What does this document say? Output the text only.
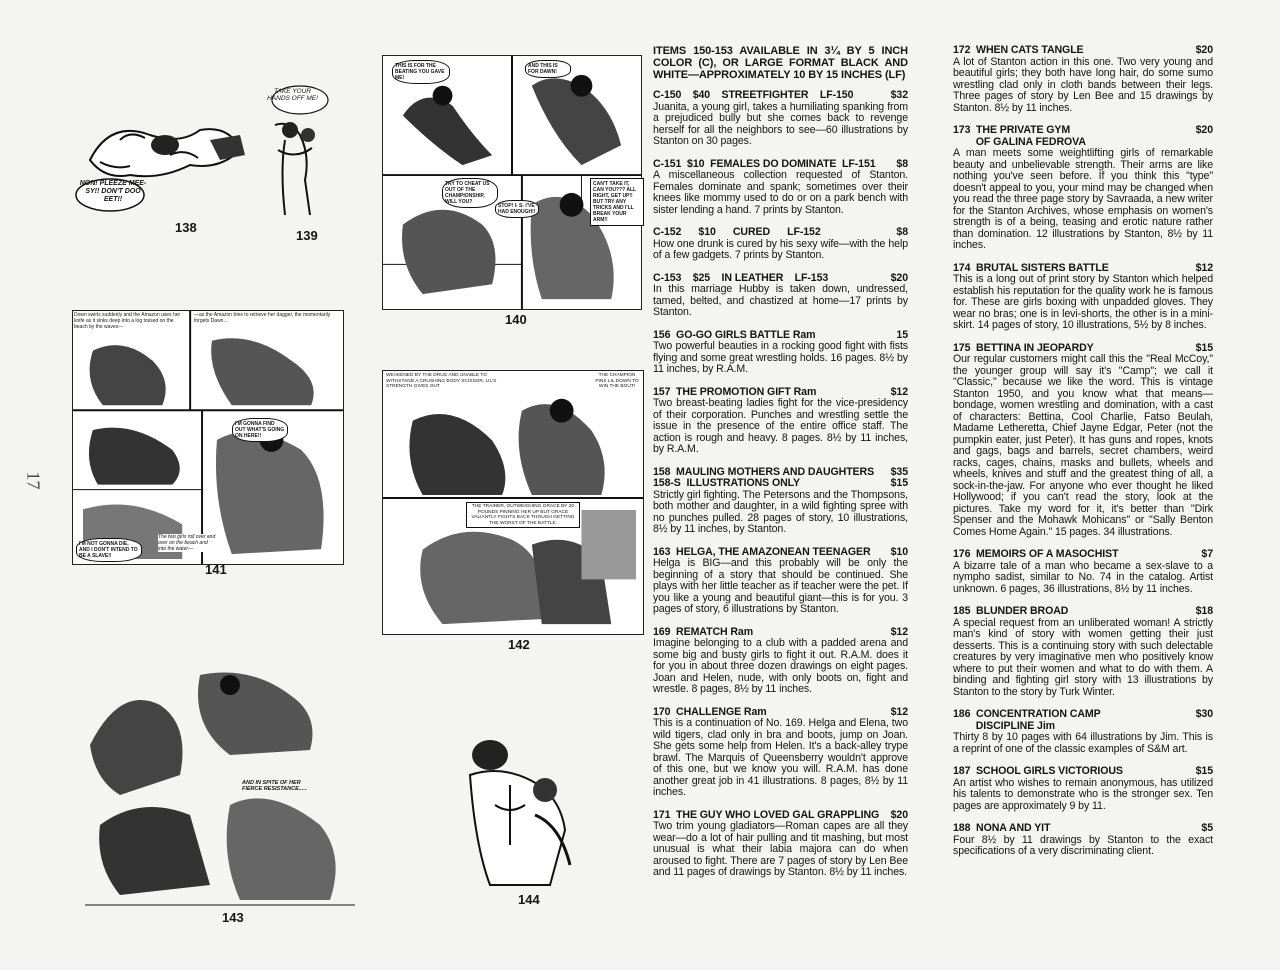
17
NON! PLEEZE MEE-SY!! DON'T DOO EET!!
138
TAKE YOUR HANDS OFF ME!
139
THIS IS FOR THE BEATING YOU GAVE ME!
AND THIS IS FOR DAWN!
TRY TO CHEAT US OUT OF THE CHAMPIONSHIP, WILL YOU?
STOP! I- S- I'VE HAD ENOUGH!!
CAN'T TAKE IT, CAN YOU??? ALL RIGHT, GET UP!! BUT TRY ANY TRICKS AND I'LL BREAK YOUR ARM!!
140
Down swirls suddenly and the Amazon uses her knife as it sinks deep into a log tossed on the beach by the waves—
—as the Amazon tries to retrieve her dagger, the momentarily forgets Dawn…
I'M GONNA FIND OUT WHAT'S GOING ON HERE!!
I'M NOT GONNA DIE, AND I DON'T INTEND TO BE A SLAVE!!
The two girls roll over and over on the beach and into the water—
141
WEAKENED BY THE DRUG AND UNABLE TO WITHSTAND A CRUSHING BODY SCISSOR, LIL'S STRENGTH GIVES OUT
THE CHAMPION PINS LIL DOWN TO WIN THE BOUT!
THE TRAINER, OUTWEIGHING GRACE BY 20 POUNDS PINNING HER UP BUT GRACE VALIANTLY FIGHTS BACK THOUGH GETTING THE WORST OF THE BATTLE.
142
AND IN SPITE OF HER FIERCE RESISTANCE.....
143
144
ITEMS 150-153 AVAILABLE IN 3¼ BY 5 INCH COLOR (C), OR LARGE FORMAT BLACK AND WHITE—APPROXIMATELY 10 BY 15 INCHES (LF)
C-150    $40    STREETFIGHTER    LF-150	$32
Juanita, a young girl, takes a humiliating spanking from a prejudiced bully but she comes back to revenge herself for all the neighbors to see—60 illustrations by Stanton on 30 pages.
C-151  $10  FEMALES DO DOMINATE  LF-151 $8
A miscellaneous collection requested of Stanton. Females dominate and spank; sometimes over their knees like mommy used to do or on a park bench with sister lending a hand. 7 prints by Stanton.
C-152      $10      CURED      LF-152	$8
How one drunk is cured by his sexy wife—with the help of a few gadgets. 7 prints by Stanton.
C-153    $25    IN LEATHER    LF-153	$20
In this marriage Hubby is taken down, undressed, tamed, belted, and chastized at home—17 prints by Stanton.
156  GO-GO GIRLS BATTLE Ram	15
Two powerful beauties in a rocking good fight with fists flying and some great wrestling holds. 16 pages. 8½ by 11 inches, by R.A.M.
157  THE PROMOTION GIFT Ram	$12
Two breast-beating ladies fight for the vice-presidency of their corporation. Punches and wrestling settle the issue in the presence of the entire office staff. The action is rough and heavy. 8 pages. 8½ by 11 inches, by R.A.M.
158  MAULING MOTHERS AND DAUGHTERS $35
158-S  ILLUSTRATIONS ONLY	$15
Strictly girl fighting. The Petersons and the Thompsons, both mother and daughter, in a wild fighting spree with no punches pulled. 28 pages of story, 10 illustrations, 8½ by 11 inches, by Stanton.
163  HELGA, THE AMAZONEAN TEENAGER $10
Helga is BIG—and this probably will be only the beginning of a story that should be continued. She plays with her little teacher as if teacher were the pet. If you like a young and beautiful giant—this is for you. 3 pages of story, 6 illustrations by Stanton.
169  REMATCH Ram	$12
Imagine belonging to a club with a padded arena and some big and busty girls to fight it out. R.A.M. does it for you in about three dozen drawings on eight pages. Joan and Helen, nude, with only boots on, fight and wrestle. 8 pages, 8½ by 11 inches.
170  CHALLENGE Ram	$12
This is a continuation of No. 169. Helga and Elena, two wild tigers, clad only in bra and boots, jump on Joan. She gets some help from Helen. It's a back-alley trype brawl. The Marquis of Queensberry wouldn't approve of this one, but we know you will. R.A.M. has done another great job in 41 illustrations. 8 pages, 8½ by 11 inches.
171  THE GUY WHO LOVED GAL GRAPPLING $20
Two trim young gladiators—Roman capes are all they wear—do a lot of hair pulling and tit mashing, but most unusual is what their labia majora can do when aroused to fight. There are 7 pages of story by Len Bee and 11 pages of drawings by Stanton. 8½ by 11 inches.
172  WHEN CATS TANGLE	$20
A lot of Stanton action in this one. Two very young and beautiful girls; they both have long hair, do some sumo wrestling clad only in cloth bands between their legs. Three pages of story by Len Bee and 15 drawings by Stanton. 8½ by 11 inches.
173  THE PRIVATE GYM
OF GALINA FEDROVA
$20
A man meets some weightlifting girls of remarkable beauty and unbelievable strength. Their arms are like nothing you've seen before. If you think this "type" doesn't appeal to you, your mind may be changed when you read the three page story by Savraada, a new writer for the Stanton Archives, whose emphasis on women's strength is of a being, teasing and erotic nature rather than domination. 12 illustrations by Stanton, 8½ by 11 inches.
174  BRUTAL SISTERS BATTLE	$12
This is a long out of print story by Stanton which helped establish his reputation for the quality work he is famous for. These are girls boxing with unpadded gloves. They wear no bras; one is in levi-shorts, the other is in a mini-skirt. 14 pages of story, 10 illustrations, 5½ by 8 inches.
175  BETTINA IN JEOPARDY	$15
Our regular customers might call this the "Real McCoy," the younger group will say it's "Camp"; we call it "Classic," because we like the word. This is vintage Stanton 1950, and you know what that means—bondage, women wrestling and domination, with a cast of characters: Bettina, Cool Charlie, Fatso Beulah, Madame Letheretta, Chief Jayne Edgar, Peter (not the pumpkin eater, just Peter). It has guns and ropes, knots and gags, bags and barrels, secret chambers, weird racks, cages, chains, masks and bullets, wheels and wheels, knives and stuff and the greatest thing of all, a sock-in-the-jaw. For anyone who ever thought he liked Hollywood; if you can't read the story, look at the pictures. Take my word for it, it's better than "Dirk Spenser and the Mohawk Mohicans" or "Sally Benton Comes Home Again." 15 pages. 34 illustrations.
176  MEMOIRS OF A MASOCHIST	$7
A bizarre tale of a man who became a sex-slave to a nympho sadist, similar to No. 74 in the catalog. Artist unknown. 6 pages, 36 illustrations, 8½ by 11 inches.
185  BLUNDER BROAD	$18
A special request from an unliberated woman! A strictly man's kind of story with women getting their just desserts. This is a continuing story with such delectable creatures by very imaginative men who positively know where to put their women and what to do with them. A binding and fighting girl story with 13 illustrations by Stanton to the story by Turk Winter.
186  CONCENTRATION CAMP
DISCIPLINE Jim
$30
Thirty 8 by 10 pages with 64 illustrations by Jim. This is a reprint of one of the classic examples of S&M art.
187  SCHOOL GIRLS VICTORIOUS	$15
An artist who wishes to remain anonymous, has utilized his talents to demonstrate who is the stronger sex. Ten pages are approximately 9 by 11.
188  NONA AND YIT	$5
Four 8½ by 11 drawings by Stanton to the exact specifications of a very discriminating client.
